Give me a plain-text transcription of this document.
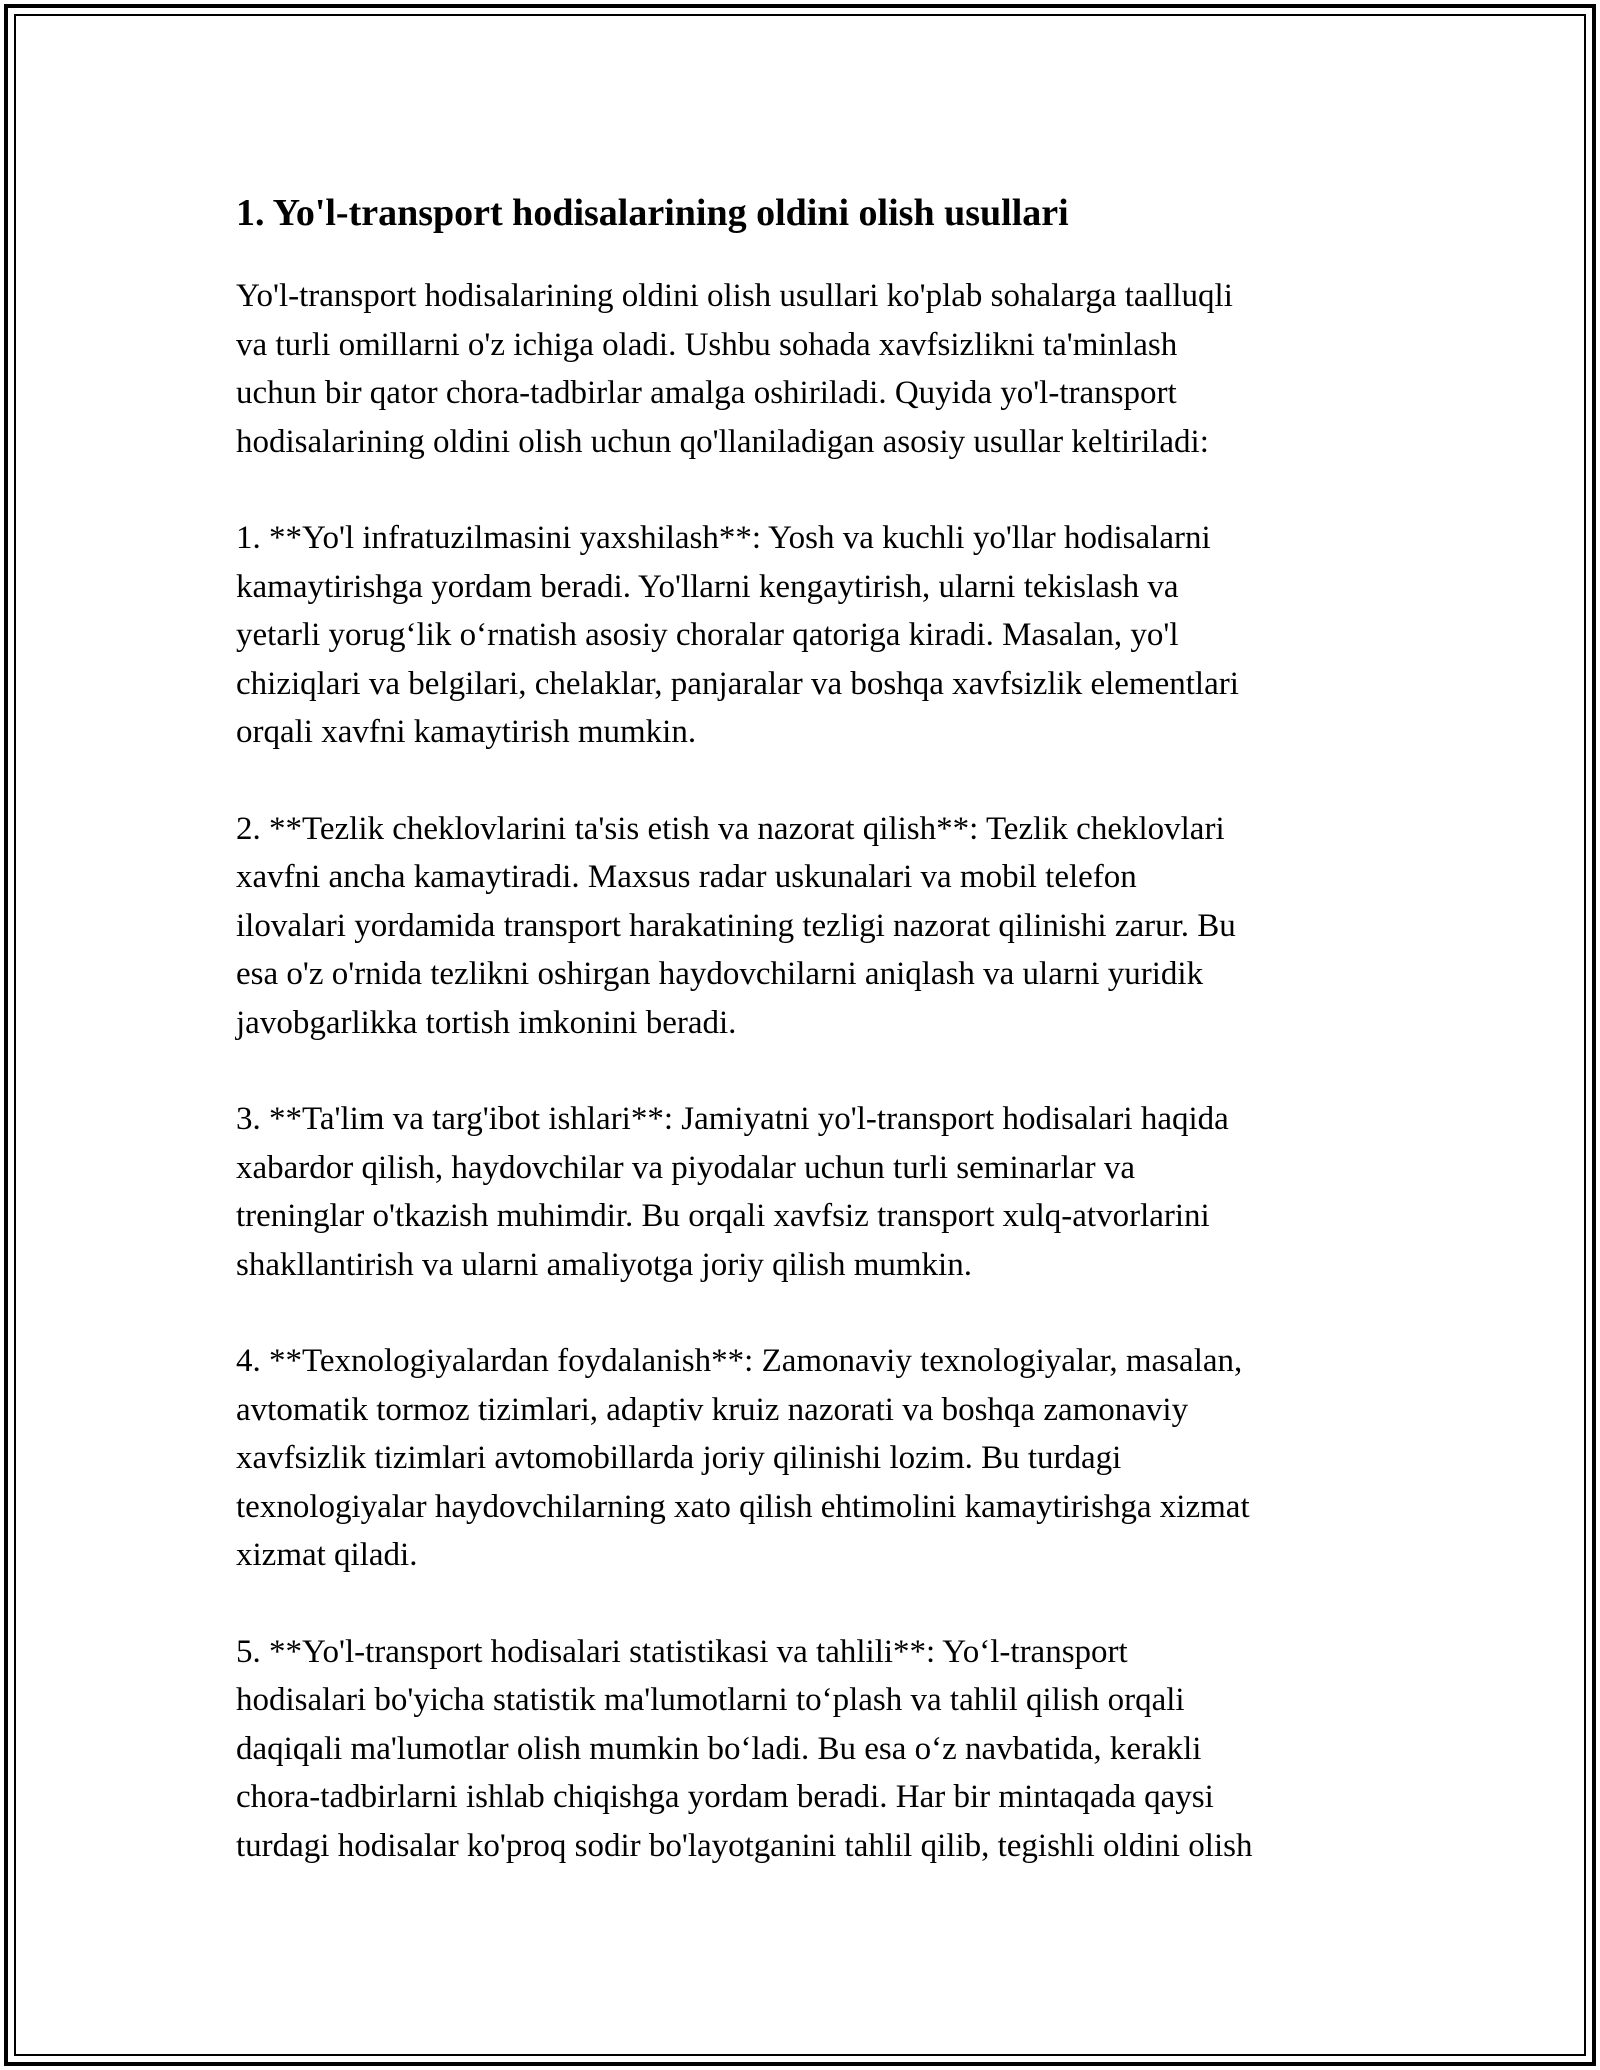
1. Yo'l-transport hodisalarining oldini olish usullari

Yo'l-transport hodisalarining oldini olish usullari ko'plab sohalarga taalluqli
va turli omillarni o'z ichiga oladi. Ushbu sohada xavfsizlikni ta'minlash
uchun bir qator chora-tadbirlar amalga oshiriladi. Quyida yo'l-transport
hodisalarining oldini olish uchun qo'llaniladigan asosiy usullar keltiriladi:

1. **Yo'l infratuzilmasini yaxshilash**: Yosh va kuchli yo'llar hodisalarni
kamaytirishga yordam beradi. Yo'llarni kengaytirish, ularni tekislash va
yetarli yorug‘lik o‘rnatish asosiy choralar qatoriga kiradi. Masalan, yo'l
chiziqlari va belgilari, chelaklar, panjaralar va boshqa xavfsizlik elementlari
orqali xavfni kamaytirish mumkin.

2. **Tezlik cheklovlarini ta'sis etish va nazorat qilish**: Tezlik cheklovlari
xavfni ancha kamaytiradi. Maxsus radar uskunalari va mobil telefon
ilovalari yordamida transport harakatining tezligi nazorat qilinishi zarur. Bu
esa o'z o'rnida tezlikni oshirgan haydovchilarni aniqlash va ularni yuridik
javobgarlikka tortish imkonini beradi.

3. **Ta'lim va targ'ibot ishlari**: Jamiyatni yo'l-transport hodisalari haqida
xabardor qilish, haydovchilar va piyodalar uchun turli seminarlar va
treninglar o'tkazish muhimdir. Bu orqali xavfsiz transport xulq-atvorlarini
shakllantirish va ularni amaliyotga joriy qilish mumkin.

4. **Texnologiyalardan foydalanish**: Zamonaviy texnologiyalar, masalan,
avtomatik tormoz tizimlari, adaptiv kruiz nazorati va boshqa zamonaviy
xavfsizlik tizimlari avtomobillarda joriy qilinishi lozim. Bu turdagi
texnologiyalar haydovchilarning xato qilish ehtimolini kamaytirishga xizmat
xizmat qiladi.

5. **Yo'l-transport hodisalari statistikasi va tahlili**: Yo‘l-transport
hodisalari bo'yicha statistik ma'lumotlarni to‘plash va tahlil qilish orqali
daqiqali ma'lumotlar olish mumkin bo‘ladi. Bu esa o‘z navbatida, kerakli
chora-tadbirlarni ishlab chiqishga yordam beradi. Har bir mintaqada qaysi
turdagi hodisalar ko'proq sodir bo'layotganini tahlil qilib, tegishli oldini olish
